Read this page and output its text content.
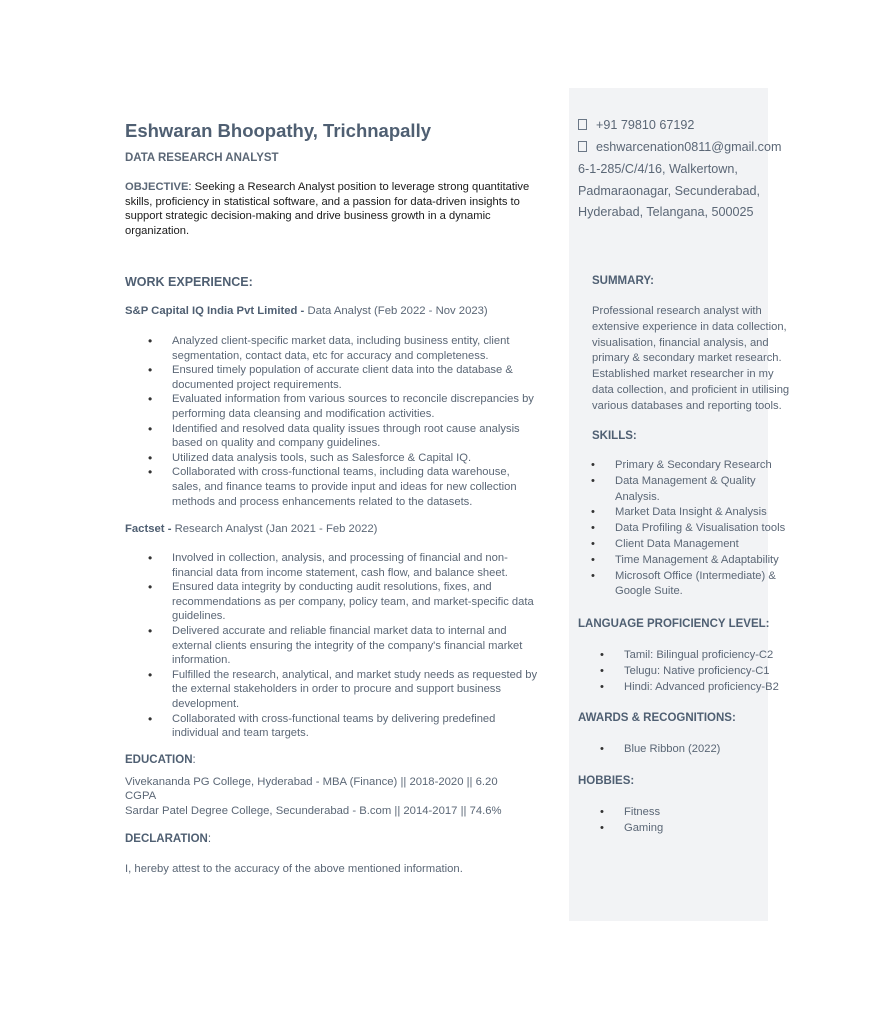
Eshwaran Bhoopathy, Trichnapally
DATA RESEARCH ANALYST
OBJECTIVE: Seeking a Research Analyst position to leverage strong quantitative skills, proficiency in statistical software, and a passion for data-driven insights to support strategic decision-making and drive business growth in a dynamic organization.
WORK EXPERIENCE:
S&P Capital IQ India Pvt Limited - Data Analyst (Feb 2022 - Nov 2023)
• Analyzed client-specific market data, including business entity, client segmentation, contact data, etc for accuracy and completeness.
• Ensured timely population of accurate client data into the database & documented project requirements.
• Evaluated information from various sources to reconcile discrepancies by performing data cleansing and modification activities.
• Identified and resolved data quality issues through root cause analysis based on quality and company guidelines.
• Utilized data analysis tools, such as Salesforce & Capital IQ.
• Collaborated with cross-functional teams, including data warehouse, sales, and finance teams to provide input and ideas for new collection methods and process enhancements related to the datasets.
Factset - Research Analyst (Jan 2021 - Feb 2022)
• Involved in collection, analysis, and processing of financial and non-financial data from income statement, cash flow, and balance sheet.
• Ensured data integrity by conducting audit resolutions, fixes, and recommendations as per company, policy team, and market-specific data guidelines.
• Delivered accurate and reliable financial market data to internal and external clients ensuring the integrity of the company's financial market information.
• Fulfilled the research, analytical, and market study needs as requested by the external stakeholders in order to procure and support business development.
• Collaborated with cross-functional teams by delivering predefined individual and team targets.
EDUCATION:
Vivekananda PG College, Hyderabad - MBA (Finance) || 2018-2020 || 6.20 CGPA
Sardar Patel Degree College, Secunderabad - B.com || 2014-2017 || 74.6%
DECLARATION:
I, hereby attest to the accuracy of the above mentioned information.
+91 79810 67192
eshwarcenation0811@gmail.com
6-1-285/C/4/16, Walkertown,
Padmaraonagar, Secunderabad,
Hyderabad, Telangana, 500025
SUMMARY:
Professional research analyst with
extensive experience in data collection,
visualisation, financial analysis, and
primary & secondary market research.
Established market researcher in my
data collection, and proficient in utilising
various databases and reporting tools.
SKILLS:
• Primary & Secondary Research
• Data Management & Quality Analysis.
• Market Data Insight & Analysis
• Data Profiling & Visualisation tools
• Client Data Management
• Time Management & Adaptability
• Microsoft Office (Intermediate) & Google Suite.
LANGUAGE PROFICIENCY LEVEL:
• Tamil: Bilingual proficiency-C2
• Telugu: Native proficiency-C1
• Hindi: Advanced proficiency-B2
AWARDS & RECOGNITIONS:
• Blue Ribbon (2022)
HOBBIES:
• Fitness
• Gaming
